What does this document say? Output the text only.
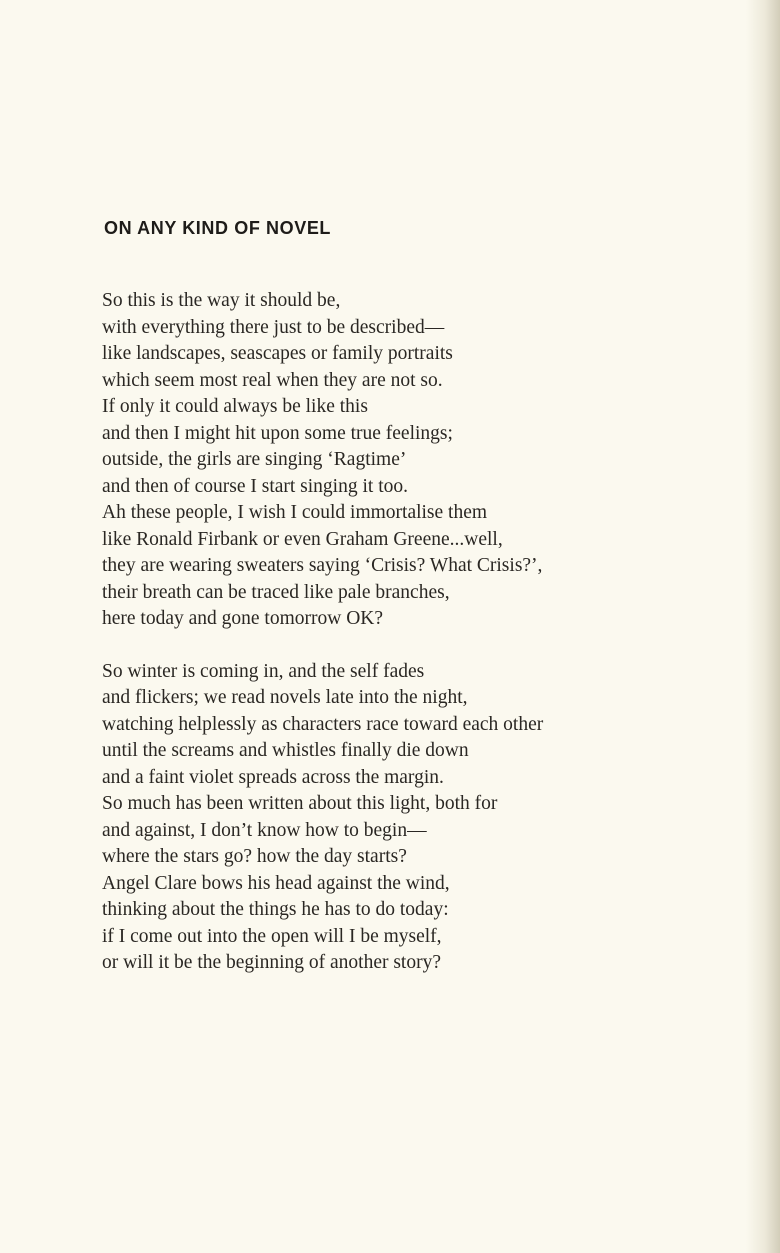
ON ANY KIND OF NOVEL
So this is the way it should be,
with everything there just to be described—
like landscapes, seascapes or family portraits
which seem most real when they are not so.
If only it could always be like this
and then I might hit upon some true feelings;
outside, the girls are singing ‘Ragtime’
and then of course I start singing it too.
Ah these people, I wish I could immortalise them
like Ronald Firbank or even Graham Greene...well,
they are wearing sweaters saying ‘Crisis? What Crisis?’,
their breath can be traced like pale branches,
here today and gone tomorrow OK?
So winter is coming in, and the self fades
and flickers; we read novels late into the night,
watching helplessly as characters race toward each other
until the screams and whistles finally die down
and a faint violet spreads across the margin.
So much has been written about this light, both for
and against, I don’t know how to begin—
where the stars go? how the day starts?
Angel Clare bows his head against the wind,
thinking about the things he has to do today:
if I come out into the open will I be myself,
or will it be the beginning of another story?
